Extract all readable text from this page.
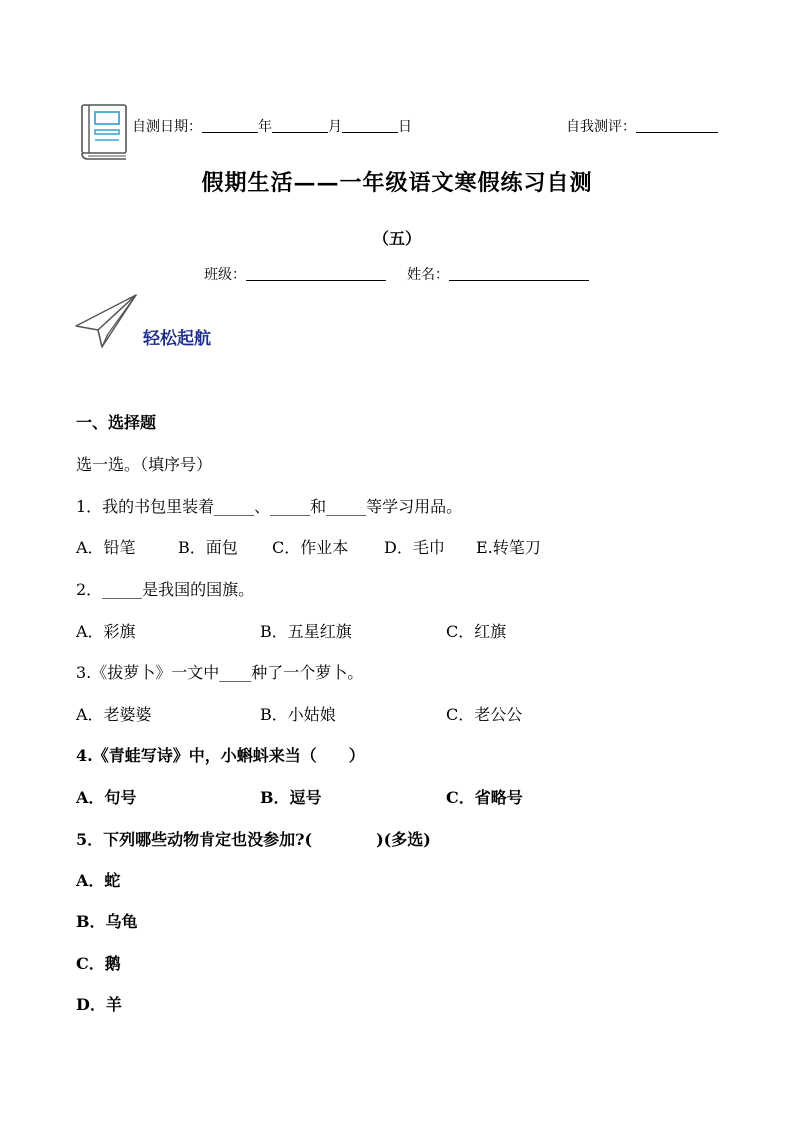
自测日期：	年	月	日	自我测评：
假期生活——一年级语文寒假练习自测
（五）
班级：	姓名：
轻松起航
一、选择题
选一选。（填序号）
1．我的书包里装着_____、_____和_____等学习用品。
A．铅笔	B．面包 C．作业本 D．毛巾 E.转笔刀
2．_____是我国的国旗。
A．彩旗	B．五星红旗	C．红旗
3.《拔萝卜》一文中____种了一个萝卜。
A．老婆婆	B．小姑娘	C．老公公
4.《青蛙写诗》中，小蝌蚪来当（　　）
A．句号	B．逗号	C．省略号
5．下列哪些动物肯定也没参加?(　　　　)(多选)
A．蛇
B．乌龟
C．鹅
D．羊
